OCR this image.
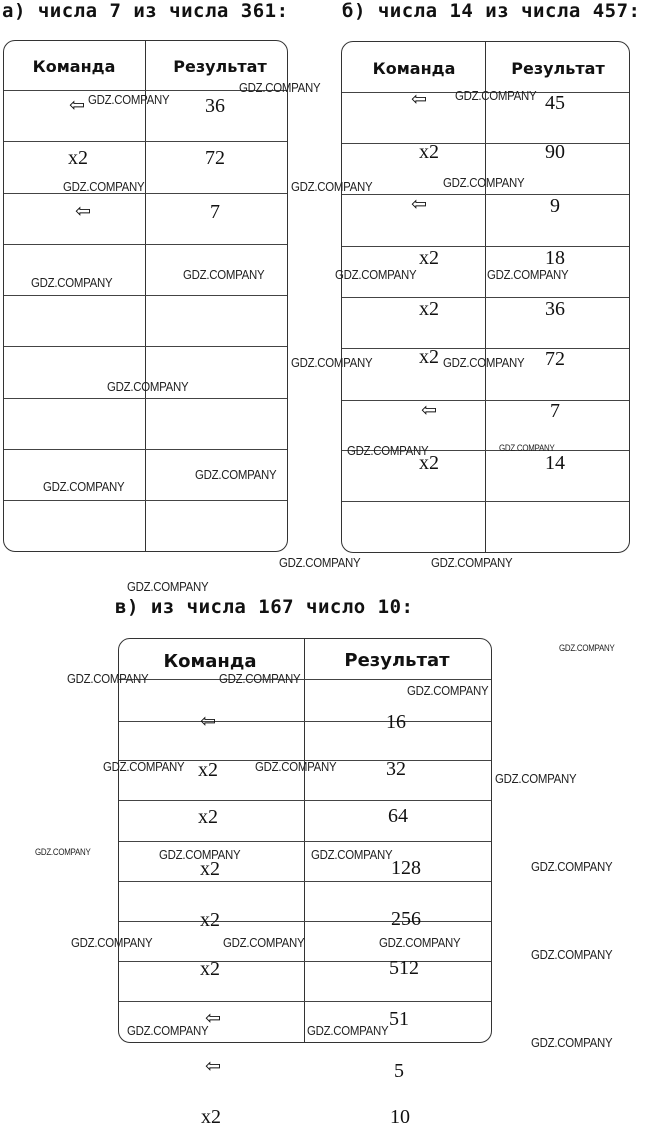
а) числа 7 из числа 361:
Команда	Результат
⇦	36
x2	72
⇦	7
б) числа 14 из числа 457:
Команда	Результат
⇦	45
x2	90
⇦	9
x2	18
x2	36
x2	72
⇦	7
x2	14
в) из числа 167 число 10:
Команда	Результат
⇦	16
x2	32
x2	64
x2	128
x2	256
x2	512
⇦	51
⇦	5
x2	10
GDZ.COMPANY
GDZ.COMPANY
GDZ.COMPANY
GDZ.COMPANY	GDZ.COMPANY	GDZ.COMPANY
GDZ.COMPANY
GDZ.COMPANY
GDZ.COMPANY	GDZ.COMPANY
GDZ.COMPANY	GDZ.COMPANY
GDZ.COMPANY
GDZ.COMPANY	GDZ.COMPANY
GDZ.COMPANY
GDZ.COMPANY
GDZ.COMPANY	GDZ.COMPANY
GDZ.COMPANY
GDZ.COMPANY
GDZ.COMPANY	GDZ.COMPANY
GDZ.COMPANY
GDZ.COMPANY	GDZ.COMPANY
GDZ.COMPANY
GDZ.COMPANY	GDZ.COMPANY	GDZ.COMPANY
GDZ.COMPANY
GDZ.COMPANY	GDZ.COMPANY	GDZ.COMPANY
GDZ.COMPANY
GDZ.COMPANY	GDZ.COMPANY
GDZ.COMPANY
